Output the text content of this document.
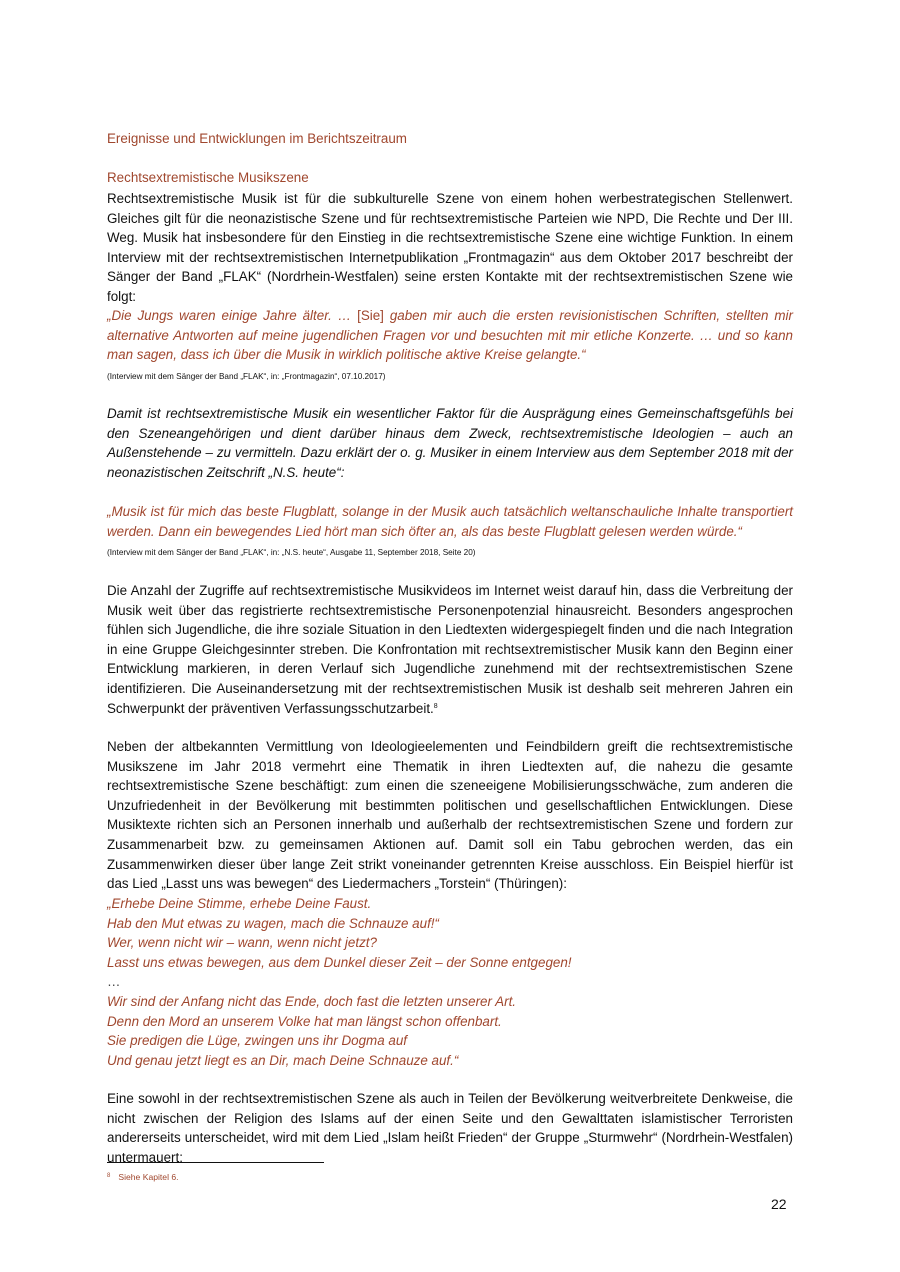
Ereignisse und Entwicklungen im Berichtszeitraum
Rechtsextremistische Musikszene

Rechtsextremistische Musik ist für die subkulturelle Szene von einem hohen werbestrategischen Stellenwert. Gleiches gilt für die neonazistische Szene und für rechtsextremistische Parteien wie NPD, Die Rechte und Der III. Weg. Musik hat insbesondere für den Einstieg in die rechtsextremistische Szene eine wichtige Funktion. In einem Interview mit der rechtsextremistischen Internetpublikation „Frontmagazin“ aus dem Oktober 2017 beschreibt der Sänger der Band „FLAK“ (Nordrhein-Westfalen) seine ersten Kontakte mit der rechtsextremistischen Szene wie folgt:

„Die Jungs waren einige Jahre älter. … [Sie] gaben mir auch die ersten revisionistischen Schriften, stellten mir alternative Antworten auf meine jugendlichen Fragen vor und besuchten mit mir etliche Konzerte. … und so kann man sagen, dass ich über die Musik in wirklich politische aktive Kreise gelangte.“

(Interview mit dem Sänger der Band „FLAK“, in: „Frontmagazin“, 07.10.2017)

Damit ist rechtsextremistische Musik ein wesentlicher Faktor für die Ausprägung eines Gemeinschaftsgefühls bei den Szeneangehörigen und dient darüber hinaus dem Zweck, rechtsextremistische Ideologien – auch an Außenstehende – zu vermitteln. Dazu erklärt der o. g. Musiker in einem Interview aus dem September 2018 mit der neonazistischen Zeitschrift „N.S. heute“:

„Musik ist für mich das beste Flugblatt, solange in der Musik auch tatsächlich weltanschauliche Inhalte transportiert werden. Dann ein bewegendes Lied hört man sich öfter an, als das beste Flugblatt gelesen werden würde.“

(Interview mit dem Sänger der Band „FLAK“, in: „N.S. heute“, Ausgabe 11, September 2018, Seite 20)

Die Anzahl der Zugriffe auf rechtsextremistische Musikvideos im Internet weist darauf hin, dass die Verbreitung der Musik weit über das registrierte rechtsextremistische Personenpotenzial hinausreicht. Besonders angesprochen fühlen sich Jugendliche, die ihre soziale Situation in den Liedtexten widergespiegelt finden und die nach Integration in eine Gruppe Gleichgesinnter streben. Die Konfrontation mit rechtsextremistischer Musik kann den Beginn einer Entwicklung markieren, in deren Verlauf sich Jugendliche zunehmend mit der rechtsextremistischen Szene identifizieren. Die Auseinandersetzung mit der rechtsextremistischen Musik ist deshalb seit mehreren Jahren ein Schwerpunkt der präventiven Verfassungsschutzarbeit.$^8$

Neben der altbekannten Vermittlung von Ideologieelementen und Feindbildern greift die rechtsextremistische Musikszene im Jahr 2018 vermehrt eine Thematik in ihren Liedtexten auf, die nahezu die gesamte rechtsextremistische Szene beschäftigt: zum einen die szeneeigene Mobilisierungsschwäche, zum anderen die Unzufriedenheit in der Bevölkerung mit bestimmten politischen und gesellschaftlichen Entwicklungen. Diese Musiktexte richten sich an Personen innerhalb und außerhalb der rechtsextremistischen Szene und fordern zur Zusammenarbeit bzw. zu gemeinsamen Aktionen auf. Damit soll ein Tabu gebrochen werden, das ein Zusammenwirken dieser über lange Zeit strikt voneinander getrennten Kreise ausschloss. Ein Beispiel hierfür ist das Lied „Lasst uns was bewegen“ des Liedermachers „Torstein“ (Thüringen):

„Erhebe Deine Stimme, erhebe Deine Faust.
Hab den Mut etwas zu wagen, mach die Schnauze auf!“
Wer, wenn nicht wir – wann, wenn nicht jetzt?
Lasst uns etwas bewegen, aus dem Dunkel dieser Zeit – der Sonne entgegen!
…
Wir sind der Anfang nicht das Ende, doch fast die letzten unserer Art.
Denn den Mord an unserem Volke hat man längst schon offenbart.
Sie predigen die Lüge, zwingen uns ihr Dogma auf
Und genau jetzt liegt es an Dir, mach Deine Schnauze auf.“

Eine sowohl in der rechtsextremistischen Szene als auch in Teilen der Bevölkerung weitverbreitete Denkweise, die nicht zwischen der Religion des Islams auf der einen Seite und den Gewalttaten islamistischer Terroristen andererseits unterscheidet, wird mit dem Lied „Islam heißt Frieden“ der Gruppe „Sturmwehr“ (Nordrhein-Westfalen) untermauert:

$^8$ Siehe Kapitel 6.
22
